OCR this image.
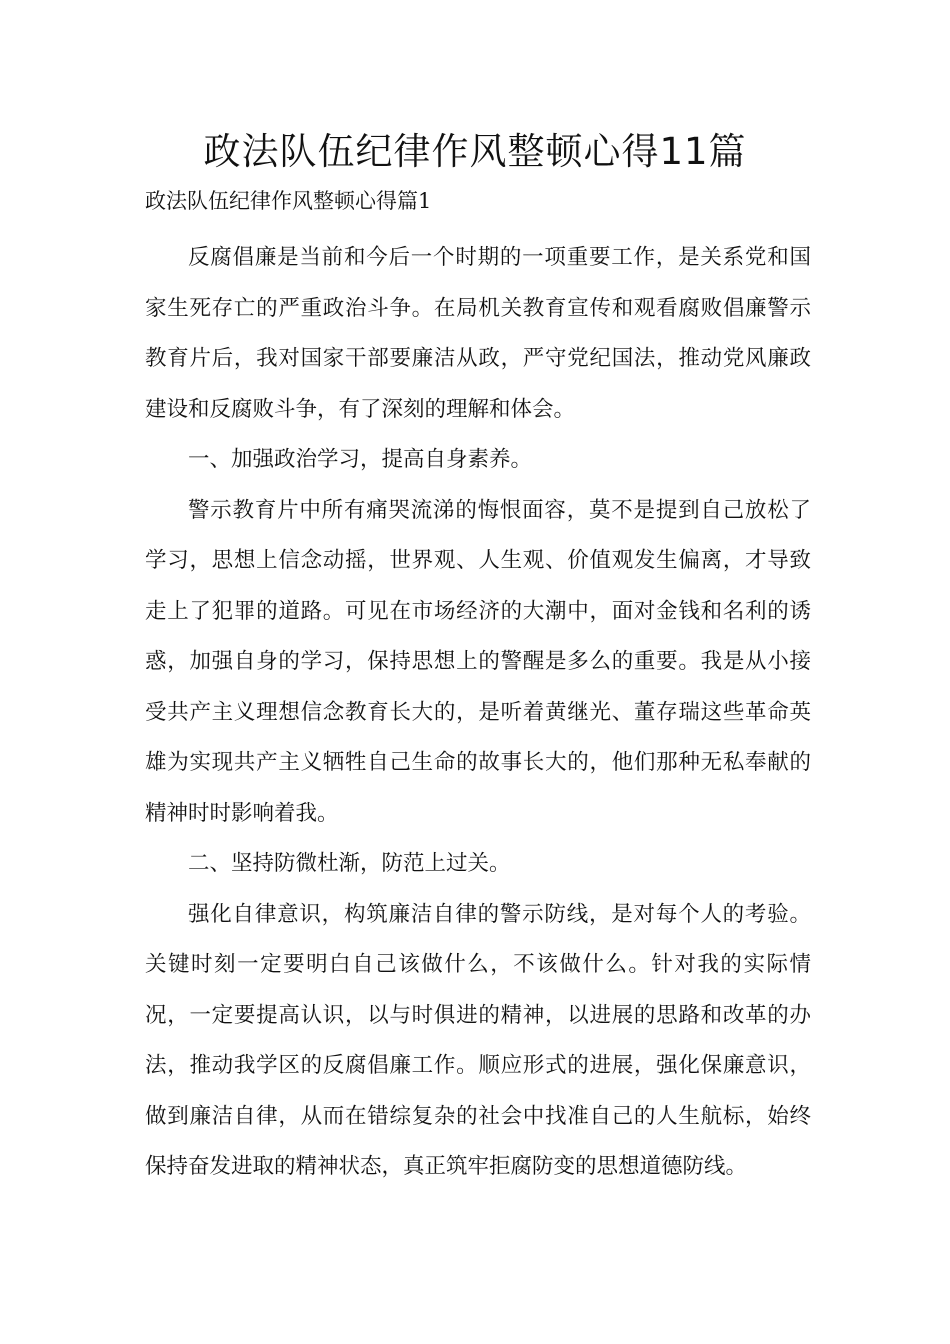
政法队伍纪律作风整顿心得11篇

政法队伍纪律作风整顿心得篇1

反腐倡廉是当前和今后一个时期的一项重要工作，是关系党和国家生死存亡的严重政治斗争。在局机关教育宣传和观看腐败倡廉警示教育片后，我对国家干部要廉洁从政，严守党纪国法，推动党风廉政建设和反腐败斗争，有了深刻的理解和体会。

一、加强政治学习，提高自身素养。

警示教育片中所有痛哭流涕的悔恨面容，莫不是提到自己放松了学习，思想上信念动摇，世界观、人生观、价值观发生偏离，才导致走上了犯罪的道路。可见在市场经济的大潮中，面对金钱和名利的诱惑，加强自身的学习，保持思想上的警醒是多么的重要。我是从小接受共产主义理想信念教育长大的，是听着黄继光、董存瑞这些革命英雄为实现共产主义牺牲自己生命的故事长大的，他们那种无私奉献的精神时时影响着我。

二、坚持防微杜渐，防范上过关。

强化自律意识，构筑廉洁自律的警示防线，是对每个人的考验。关键时刻一定要明白自己该做什么，不该做什么。针对我的实际情况，一定要提高认识，以与时俱进的精神，以进展的思路和改革的办法，推动我学区的反腐倡廉工作。顺应形式的进展，强化保廉意识，做到廉洁自律，从而在错综复杂的社会中找准自己的人生航标，始终保持奋发进取的精神状态，真正筑牢拒腐防变的思想道德防线。
